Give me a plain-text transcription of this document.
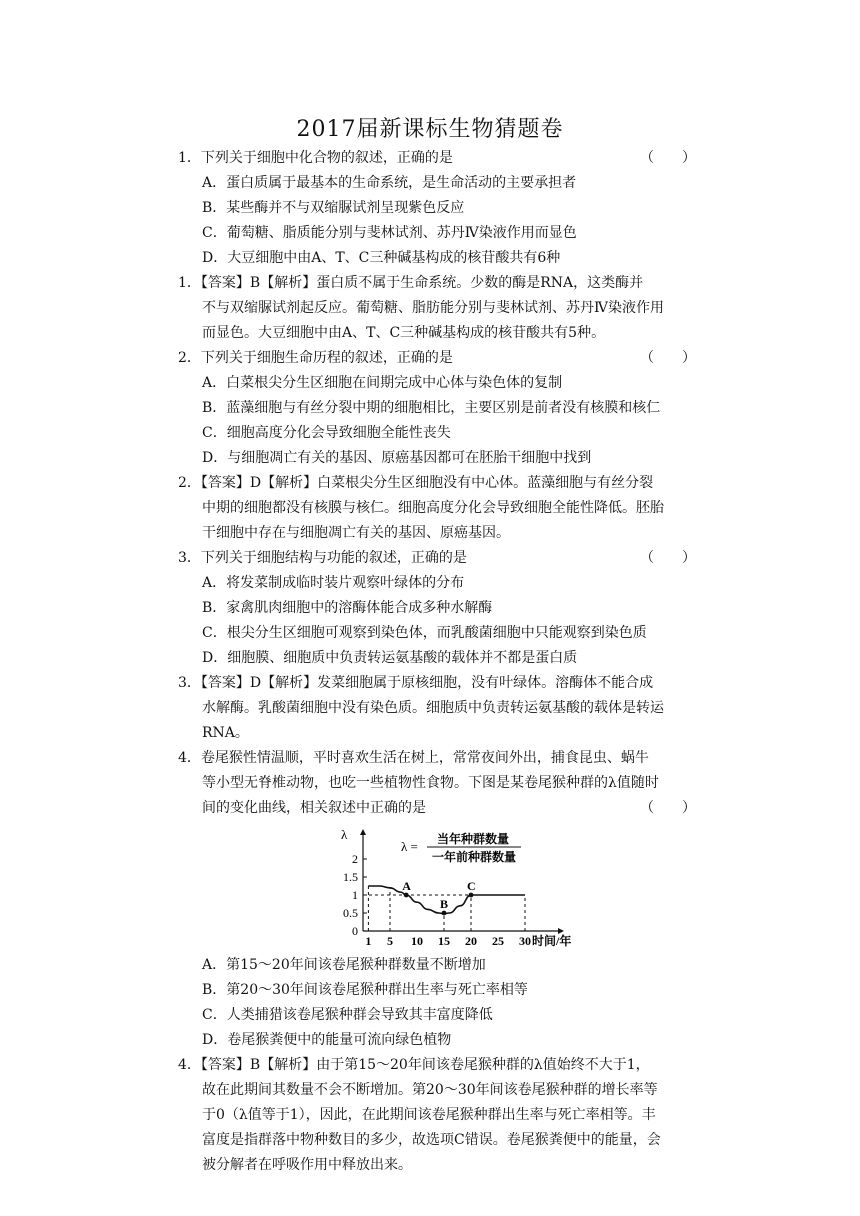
2017届新课标生物猜题卷
1．下列关于细胞中化合物的叙述，正确的是	（　　）
A．蛋白质属于最基本的生命系统，是生命活动的主要承担者
B．某些酶并不与双缩脲试剂呈现紫色反应
C．葡萄糖、脂质能分别与斐林试剂、苏丹Ⅳ染液作用而显色
D．大豆细胞中由A、T、C三种碱基构成的核苷酸共有6种
1．【答案】B【解析】蛋白质不属于生命系统。少数的酶是RNA，这类酶并
不与双缩脲试剂起反应。葡萄糖、脂肪能分别与斐林试剂、苏丹Ⅳ染液作用
而显色。大豆细胞中由A、T、C三种碱基构成的核苷酸共有5种。
2．下列关于细胞生命历程的叙述，正确的是	（　　）
A．白菜根尖分生区细胞在间期完成中心体与染色体的复制
B．蓝藻细胞与有丝分裂中期的细胞相比，主要区别是前者没有核膜和核仁
C．细胞高度分化会导致细胞全能性丧失
D．与细胞凋亡有关的基因、原癌基因都可在胚胎干细胞中找到
2．【答案】D【解析】白菜根尖分生区细胞没有中心体。蓝藻细胞与有丝分裂
中期的细胞都没有核膜与核仁。细胞高度分化会导致细胞全能性降低。胚胎
干细胞中存在与细胞凋亡有关的基因、原癌基因。
3．下列关于细胞结构与功能的叙述，正确的是	（　　）
A．将发菜制成临时装片观察叶绿体的分布
B．家禽肌肉细胞中的溶酶体能合成多种水解酶
C．根尖分生区细胞可观察到染色体，而乳酸菌细胞中只能观察到染色质
D．细胞膜、细胞质中负责转运氨基酸的载体并不都是蛋白质
3．【答案】D【解析】发菜细胞属于原核细胞，没有叶绿体。溶酶体不能合成
水解酶。乳酸菌细胞中没有染色质。细胞质中负责转运氨基酸的载体是转运
RNA。
4．卷尾猴性情温顺，平时喜欢生活在树上，常常夜间外出，捕食昆虫、蜗牛
等小型无脊椎动物，也吃一些植物性食物。下图是某卷尾猴种群的λ值随时
间的变化曲线，相关叙述中正确的是	（　　）
0
0.5
1
1.5
2
1 5 10 15 20 25 30
λ
时间/年
A
B
C
λ = 当年种群数量
一年前种群数量
A．第15～20年间该卷尾猴种群数量不断增加
B．第20～30年间该卷尾猴种群出生率与死亡率相等
C．人类捕猎该卷尾猴种群会导致其丰富度降低
D．卷尾猴粪便中的能量可流向绿色植物
4．【答案】B【解析】由于第15～20年间该卷尾猴种群的λ值始终不大于1，
故在此期间其数量不会不断增加。第20～30年间该卷尾猴种群的增长率等
于0（λ值等于1），因此，在此期间该卷尾猴种群出生率与死亡率相等。丰
富度是指群落中物种数目的多少，故选项C错误。卷尾猴粪便中的能量，会
被分解者在呼吸作用中释放出来。
